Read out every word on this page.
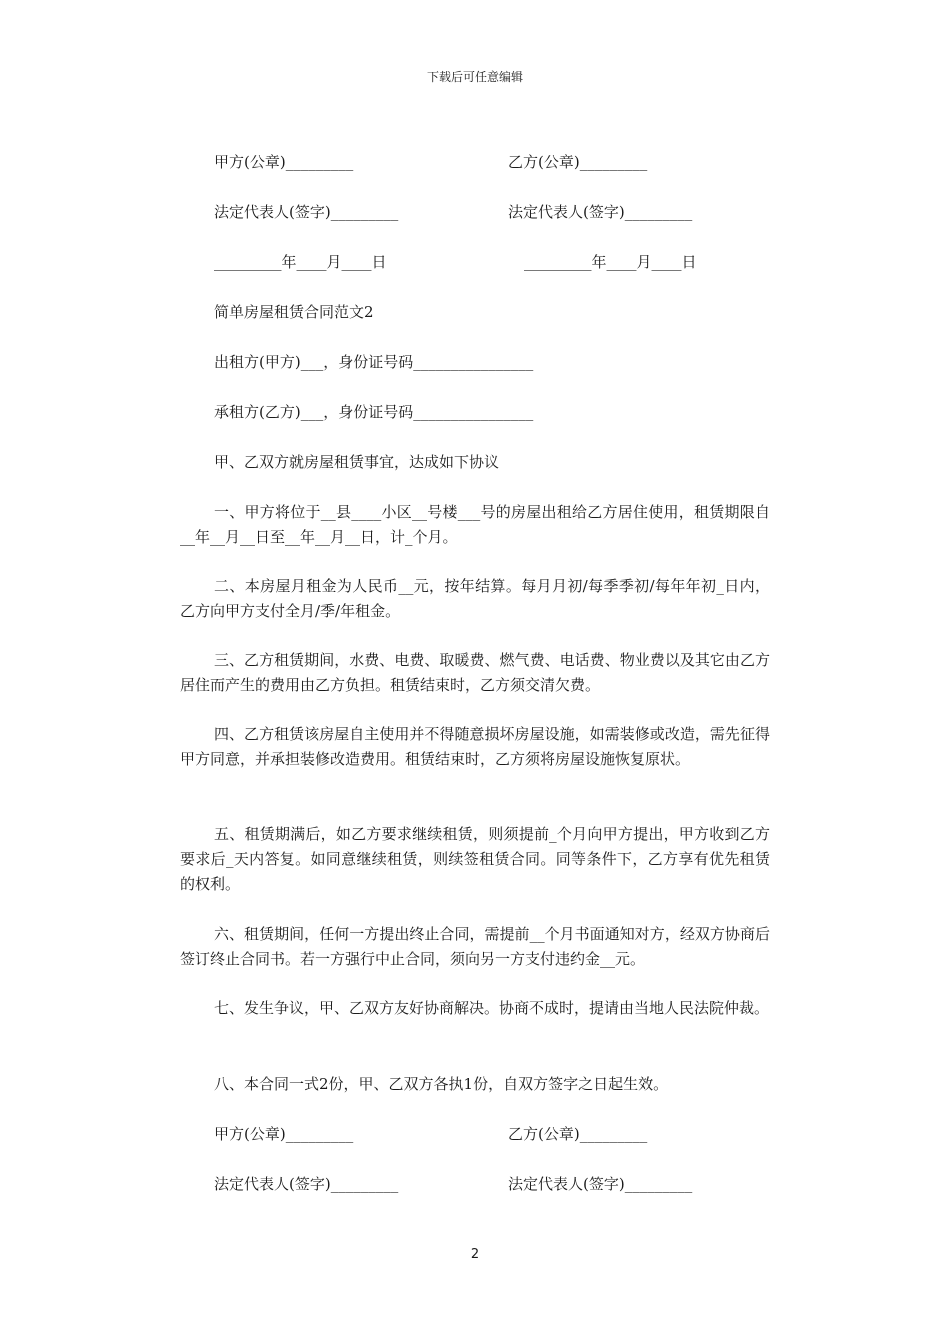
下载后可任意编辑
甲方(公章)_________	乙方(公章)_________
法定代表人(签字)_________	法定代表人(签字)_________
_________年____月____日	_________年____月____日
简单房屋租赁合同范文2
出租方(甲方)___，身份证号码________________
承租方(乙方)___，身份证号码________________
甲、乙双方就房屋租赁事宜，达成如下协议
一、甲方将位于__县____小区__号楼___号的房屋出租给乙方居住使用，租赁期限自__年__月__日至__年__月__日，计_个月。
二、本房屋月租金为人民币__元，按年结算。每月月初/每季季初/每年年初_日内，乙方向甲方支付全月/季/年租金。
三、乙方租赁期间，水费、电费、取暖费、燃气费、电话费、物业费以及其它由乙方居住而产生的费用由乙方负担。租赁结束时，乙方须交清欠费。
四、乙方租赁该房屋自主使用并不得随意损坏房屋设施，如需装修或改造，需先征得甲方同意，并承担装修改造费用。租赁结束时，乙方须将房屋设施恢复原状。
五、租赁期满后，如乙方要求继续租赁，则须提前_个月向甲方提出，甲方收到乙方要求后_天内答复。如同意继续租赁，则续签租赁合同。同等条件下，乙方享有优先租赁的权利。
六、租赁期间，任何一方提出终止合同，需提前__个月书面通知对方，经双方协商后签订终止合同书。若一方强行中止合同，须向另一方支付违约金__元。
七、发生争议，甲、乙双方友好协商解决。协商不成时，提请由当地人民法院仲裁。
八、本合同一式2份，甲、乙双方各执1份，自双方签字之日起生效。
甲方(公章)_________	乙方(公章)_________
法定代表人(签字)_________	法定代表人(签字)_________
2
